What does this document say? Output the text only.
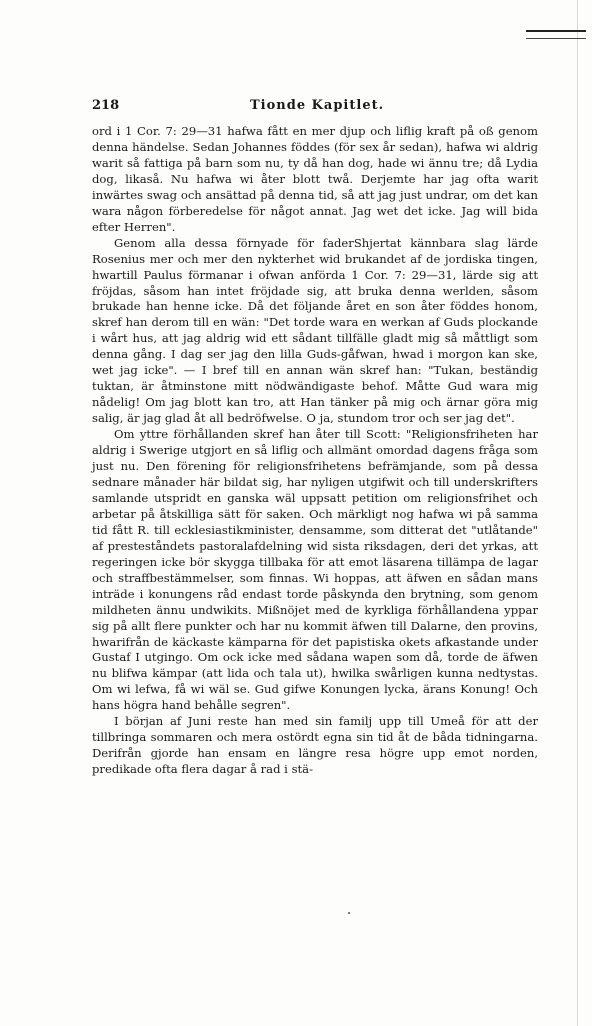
218	Tionde Kapitlet.

ord i 1 Cor. 7: 29—31 hafwa fått en mer djup och liflig kraft på oß genom denna händelse. Sedan Johannes föddes (för sex år sedan), hafwa wi aldrig warit så fattiga på barn som nu, ty då han dog, hade wi ännu tre; då Lydia dog, likaså. Nu hafwa wi åter blott twå. Derjemte har jag ofta warit inwärtes swag och ansättad på denna tid, så att jag just undrar, om det kan wara någon förberedelse för något annat. Jag wet det icke. Jag will bida efter Herren".

Genom alla dessa förnyade för faderShjertat kännbara slag lärde Rosenius mer och mer den nykterhet wid brukandet af de jordiska tingen, hwartill Paulus förmanar i ofwan anförda 1 Cor. 7: 29—31, lärde sig att fröjdas, såsom han intet fröjdade sig, att bruka denna werlden, såsom brukade han henne icke. Då det följande året en son åter föddes honom, skref han derom till en wän: "Det torde wara en werkan af Guds plockande i wårt hus, att jag aldrig wid ett sådant tillfälle gladt mig så måttligt som denna gång. I dag ser jag den lilla Guds-gåfwan, hwad i morgon kan ske, wet jag icke". — I bref till en annan wän skref han: "Tukan, beständig tuktan, är åtminstone mitt nödwändigaste behof. Måtte Gud wara mig nådelig! Om jag blott kan tro, att Han tänker på mig och ärnar göra mig salig, är jag glad åt all bedröfwelse. O ja, stundom tror och ser jag det".

Om yttre förhållanden skref han åter till Scott: "Religionsfriheten har aldrig i Swerige utgjort en så liflig och allmänt omordad dagens fråga som just nu. Den förening för religionsfrihetens befrämjande, som på dessa sednare månader här bildat sig, har nyligen utgifwit och till underskrifters samlande utspridt en ganska wäl uppsatt petition om religionsfrihet och arbetar på åtskilliga sätt för saken. Och märkligt nog hafwa wi på samma tid fått R. till ecklesiastikminister, densamme, som ditterat det "utlåtande" af presteståndets pastoralafdelning wid sista riksdagen, deri det yrkas, att regeringen icke bör skygga tillbaka för att emot läsarena tillämpa de lagar och straffbestämmelser, som finnas. Wi hoppas, att äfwen en sådan mans inträde i konungens råd endast torde påskynda den brytning, som genom mildheten ännu undwikits. Mißnöjet med de kyrkliga förhållandena yppar sig på allt flere punkter och har nu kommit äfwen till Dalarne, den provins, hwarifrån de käckaste kämparna för det papistiska okets afkastande under Gustaf I utgingo. Om ock icke med sådana wapen som då, torde de äfwen nu blifwa kämpar (att lida och tala ut), hwilka swårligen kunna nedtystas. Om wi lefwa, få wi wäl se. Gud gifwe Konungen lycka, ärans Konung! Och hans högra hand behålle segren".

I början af Juni reste han med sin familj upp till Umeå för att der tillbringa sommaren och mera ostördt egna sin tid åt de båda tidningarna. Derifrån gjorde han ensam en längre resa högre upp emot norden, predikade ofta flera dagar å rad i stä-
